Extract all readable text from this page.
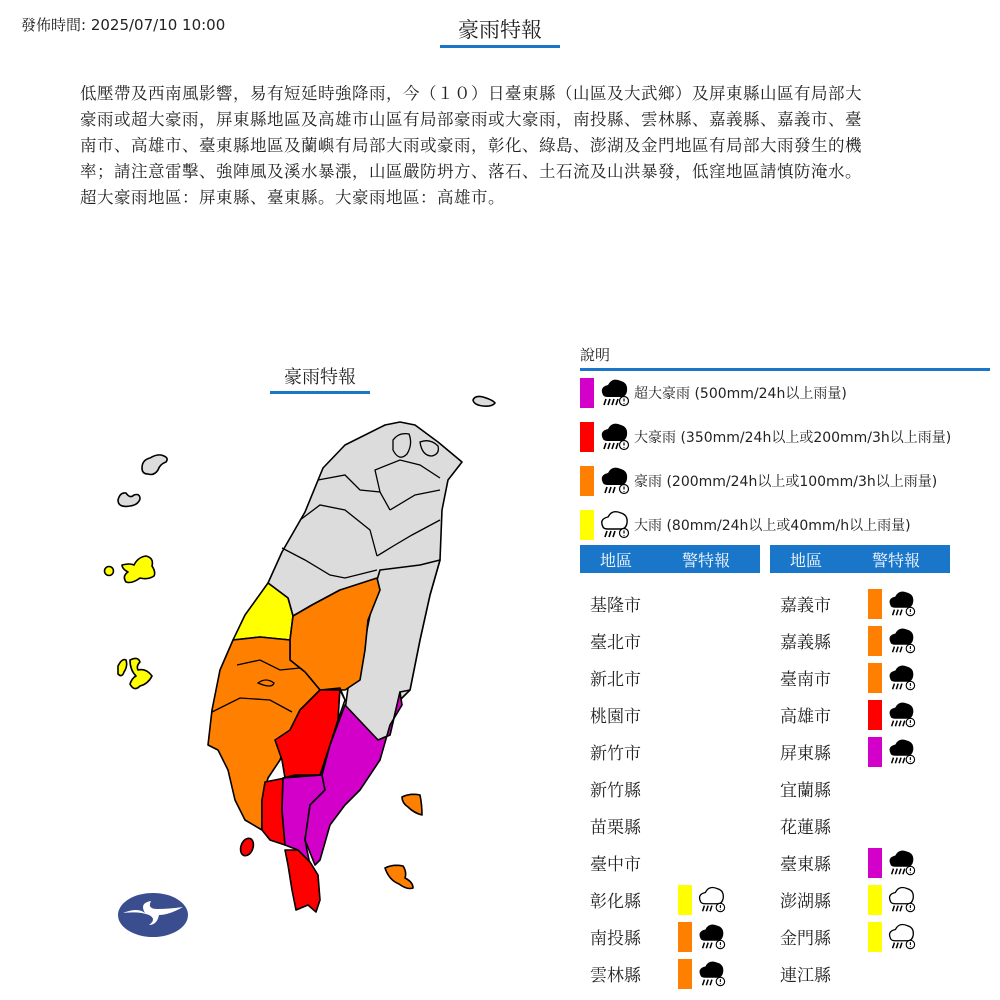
發佈時間: 2025/07/10 10:00	豪雨特報

低壓帶及西南風影響，易有短延時強降雨，今（１０）日臺東縣（山區及大武鄉）及屏東縣山區有局部大

豪雨或超大豪雨，屏東縣地區及高雄市山區有局部豪雨或大豪雨，南投縣、雲林縣、嘉義縣、嘉義市、臺

南市、高雄市、臺東縣地區及蘭嶼有局部大雨或豪雨，彰化、綠島、澎湖及金門地區有局部大雨發生的機

率；請注意雷擊、強陣風及溪水暴漲，山區嚴防坍方、落石、土石流及山洪暴發，低窪地區請慎防淹水。

超大豪雨地區：屏東縣、臺東縣。大豪雨地區：高雄市。

豪雨特報
說明
超大豪雨 (500mm/24h以上雨量)
大豪雨 (350mm/24h以上或200mm/3h以上雨量)
豪雨 (200mm/24h以上或100mm/3h以上雨量)
大雨 (80mm/24h以上或40mm/h以上雨量)
地區	警特報
基隆市
臺北市
新北市
桃園市
新竹市
新竹縣
苗栗縣
臺中市
彰化縣
南投縣
雲林縣
地區	警特報
嘉義市
嘉義縣
臺南市
高雄市
屏東縣
宜蘭縣
花蓮縣
臺東縣
澎湖縣
金門縣
連江縣
